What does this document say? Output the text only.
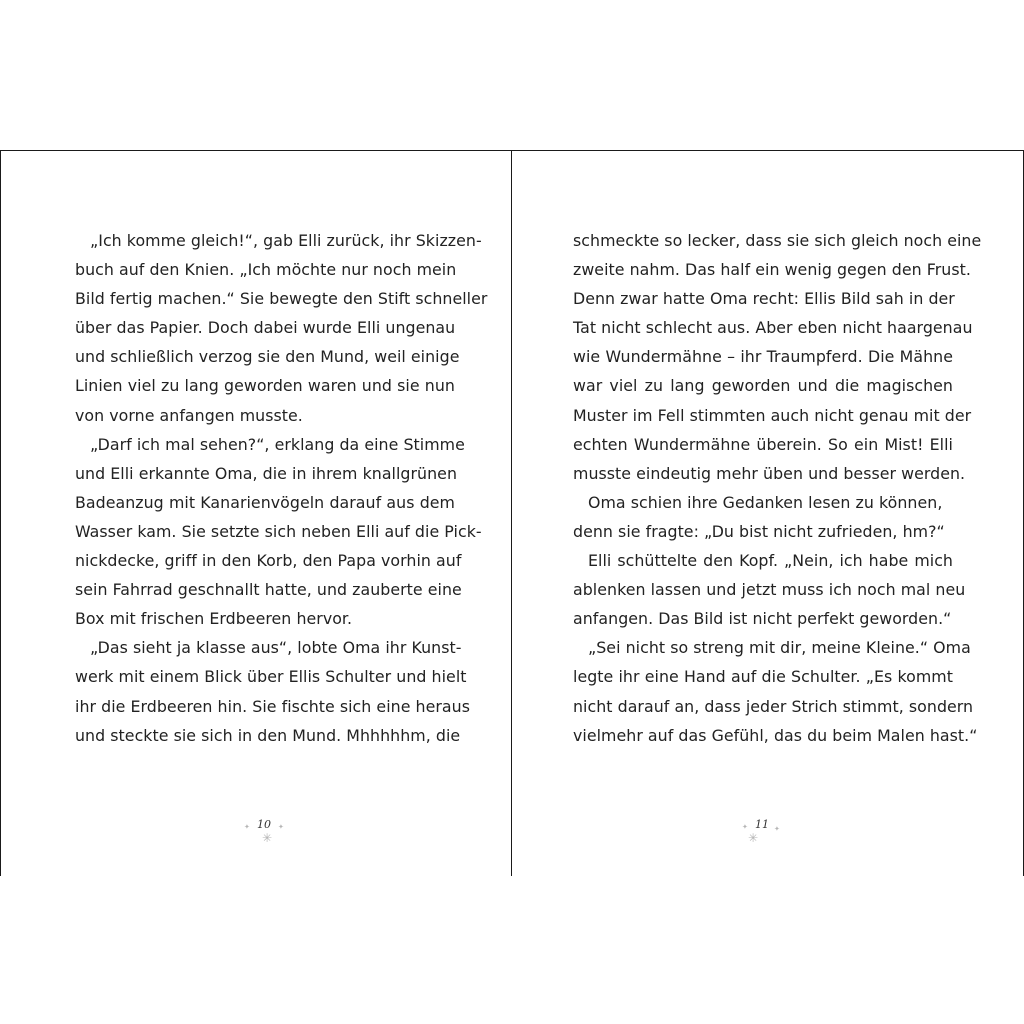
„Ich komme gleich!“, gab Elli zurück, ihr Skizzen-
buch auf den Knien. „Ich möchte nur noch mein
Bild fertig machen.“ Sie bewegte den Stift schneller
über das Papier. Doch dabei wurde Elli ungenau
und schließlich verzog sie den Mund, weil einige
Linien viel zu lang geworden waren und sie nun
von vorne anfangen musste.
„Darf ich mal sehen?“, erklang da eine Stimme
und Elli erkannte Oma, die in ihrem knallgrünen
Badeanzug mit Kanarienvögeln darauf aus dem
Wasser kam. Sie setzte sich neben Elli auf die Pick-
nickdecke, griff in den Korb, den Papa vorhin auf
sein Fahrrad geschnallt hatte, und zauberte eine
Box mit frischen Erdbeeren hervor.
„Das sieht ja klasse aus“, lobte Oma ihr Kunst-
werk mit einem Blick über Ellis Schulter und hielt
ihr die Erdbeeren hin. Sie fischte sich eine heraus
und steckte sie sich in den Mund. Mhhhhhm, die
schmeckte so lecker, dass sie sich gleich noch eine
zweite nahm. Das half ein wenig gegen den Frust.
Denn zwar hatte Oma recht: Ellis Bild sah in der
Tat nicht schlecht aus. Aber eben nicht haargenau
wie Wundermähne – ihr Traumpferd. Die Mähne
war viel zu lang geworden und die magischen
Muster im Fell stimmten auch nicht genau mit der
echten Wundermähne überein. So ein Mist! Elli
musste eindeutig mehr üben und besser werden.
Oma schien ihre Gedanken lesen zu können,
denn sie fragte: „Du bist nicht zufrieden, hm?“
Elli schüttelte den Kopf. „Nein, ich habe mich
ablenken lassen und jetzt muss ich noch mal neu
anfangen. Das Bild ist nicht perfekt geworden.“
„Sei nicht so streng mit dir, meine Kleine.“ Oma
legte ihr eine Hand auf die Schulter. „Es kommt
nicht darauf an, dass jeder Strich stimmt, sondern
vielmehr auf das Gefühl, das du beim Malen hast.“
✦ 10
✳
✦	✦ 11
✳
✦
